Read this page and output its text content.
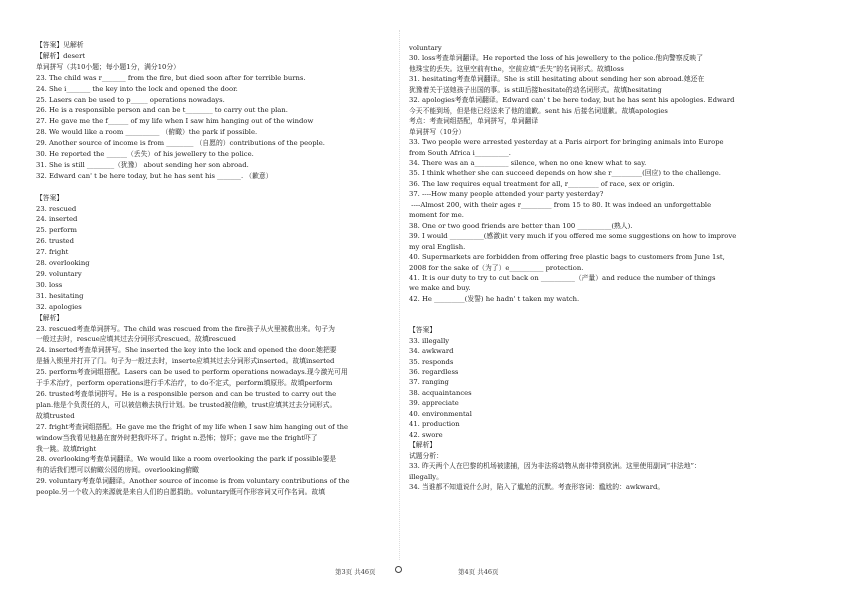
【答案】见解析
【解析】desert
单词拼写（共10小题；每小题1分，满分10分）
23. The child was r_______ from the fire, but died soon after for terrible burns.
24. She i_______ the key into the lock and opened the door.
25. Lasers can be used to p_____ operations nowadays.
26. He is a responsible person and can be t________ to carry out the plan.
27. He gave me the f______ of my life when I saw him hanging out of the window
28. We would like a room __________ （俯瞰）the park if possible.
29. Another source of income is from ________ （自愿的）contributions of the people.
30. He reported the ______（丢失）of his jewellery to the police.
31. She is still ________（犹豫） about sending her son abroad.
32. Edward can' t be here today, but he has sent his _______. （歉意）
【答案】
23. rescued
24. inserted
25. perform
26. trusted
27. fright
28. overlooking
29. voluntary
30. loss
31. hesitating
32. apologies
【解析】
23. rescued考查单词拼写。The child was rescued from the fire孩子从火里被救出来。句子为
一般过去时，rescue应填其过去分词形式rescued。故填rescued
24. inserted考查单词拼写。She inserted the key into the lock and opened the door.她把要
是插入锁里并打开了门。句子为一般过去时，inserte应填其过去分词形式inserted。故填inserted
25. perform考查词组搭配。Lasers can be used to perform operations nowadays.现今激光可用
于手术治疗，perform operations进行手术治疗，to do不定式，perform填原形。故填perform
26. trusted考查单词拼写。He is a responsible person and can be trusted to carry out the
plan.他是个负责任的人，可以被信赖去执行计划。be trusted被信赖，trust应填其过去分词形式。
故填trusted
27. fright考查词组搭配。He gave me the fright of my life when I saw him hanging out of the
window当我看见他悬在窗外时把我吓坏了。fright n.恐怖；惊吓；gave me the fright吓了
我一跳。故填fright
28. overlooking考查单词翻译。We would like a room overlooking the park if possible要是
有的话我们想可以俯瞰公园的房间。overlooking俯瞰
29. voluntary考查单词翻译。Another source of income is from voluntary contributions of the
people.另一个收入的来源就是来自人们的自愿捐助。voluntary既可作形容词又可作名词。故填
voluntary
30. loss考查单词翻译。He reported the loss of his jewellery to the police.他向警察反映了
他珠宝的丢失。这里空前有the，空前应填“丢失”的名词形式。故填loss
31. hesitating考查单词翻译。She is still hesitating about sending her son abroad.她还在
犹豫着关于送她孩子出国的事。is still后接hesitate的动名词形式。故填hesitating
32. apologies考查单词翻译。Edward can' t be here today, but he has sent his apologies. Edward
今天不能到场，但是他已经送来了他的道歉。sent his 后接名词道歉。故填apologies
考点：考查词组搭配，单词拼写，单词翻译
单词拼写（10分）
33. Two people were arrested yesterday at a Paris airport for bringing animals into Europe
from South Africa i__________.
34. There was an a__________ silence, when no one knew what to say.
35. I think whether she can succeed depends on how she r_________(回应) to the challenge.
36. The law requires equal treatment for all, r_________ of race, sex or origin.
37. ----How many people attended your party yesterday?
----Almost 200, with their ages r_________ from 15 to 80. It was indeed an unforgettable
moment for me.
38. One or two good friends are better than 100 __________(熟人).
39. I would __________(感激)it very much if you offered me some suggestions on how to improve
my oral English.
40. Supermarkets are forbidden from offering free plastic bags to customers from June 1st,
2008 for the sake of（为了）e__________ protection.
41. It is our duty to try to cut back on __________（产量）and reduce the number of things
we make and buy.
42. He _________(发誓) he hadn' t taken my watch.
【答案】
33. illegally
34. awkward
35. responds
36. regardless
37. ranging
38. acquaintances
39. appreciate
40. environmental
41. production
42. swore
【解析】
试题分析：
33. 昨天两个人在巴黎的机场被逮捕，因为非法将动物从南非带到欧洲。这里使用副词“非法地”：
illegally。
34. 当谁都不知道说什么时，陷入了尴尬的沉默。考查形容词：尴尬的：awkward。
第3页 共46页	第4页 共46页
